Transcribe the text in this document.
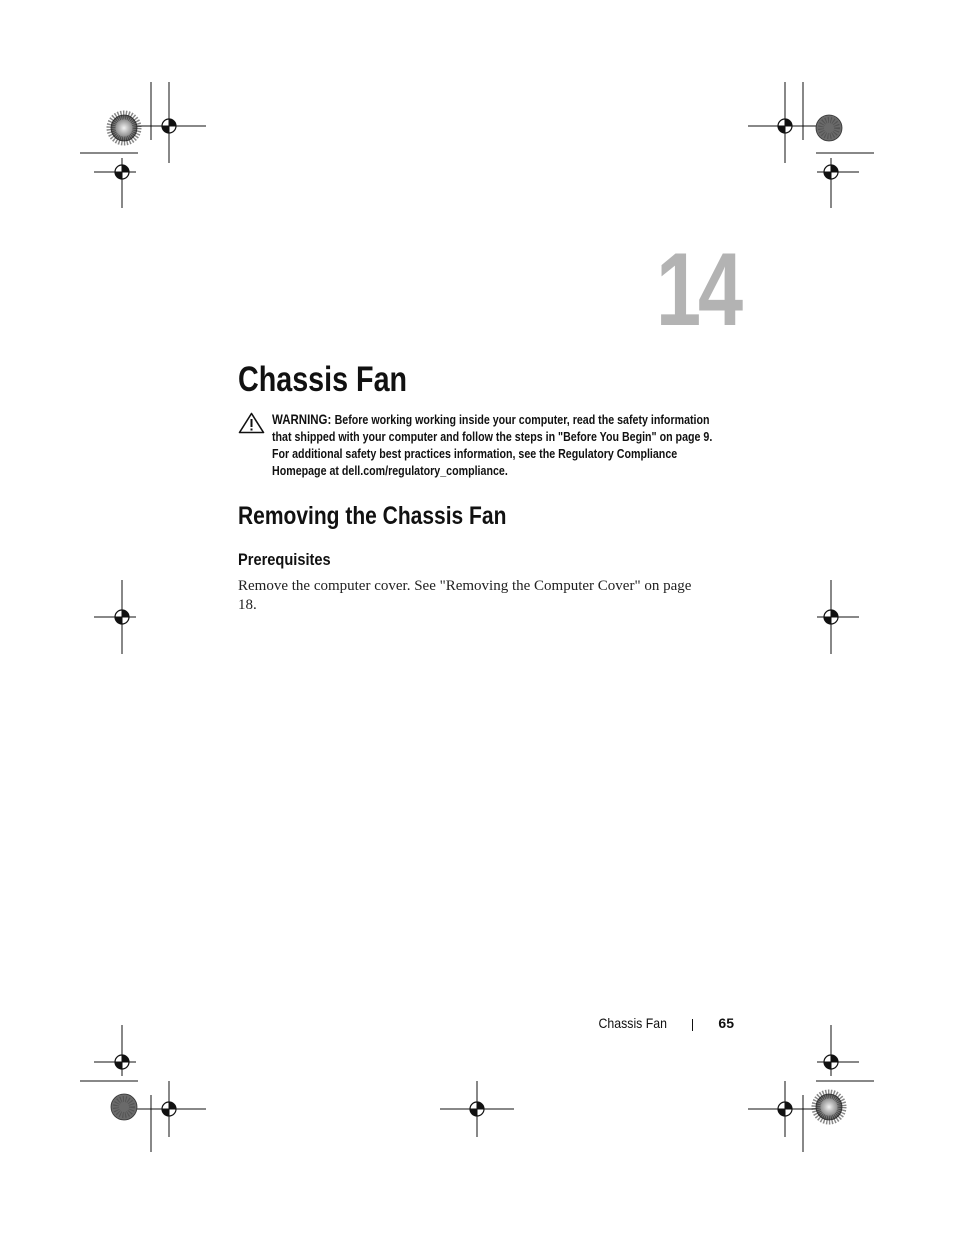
14
Chassis Fan
WARNING: Before working working inside your computer, read the safety information that shipped with your computer and follow the steps in "Before You Begin" on page 9. For additional safety best practices information, see the Regulatory Compliance Homepage at dell.com/regulatory_compliance.
Removing the Chassis Fan
Prerequisites

Remove the computer cover. See "Removing the Computer Cover" on page 18.

Chassis Fan	65
